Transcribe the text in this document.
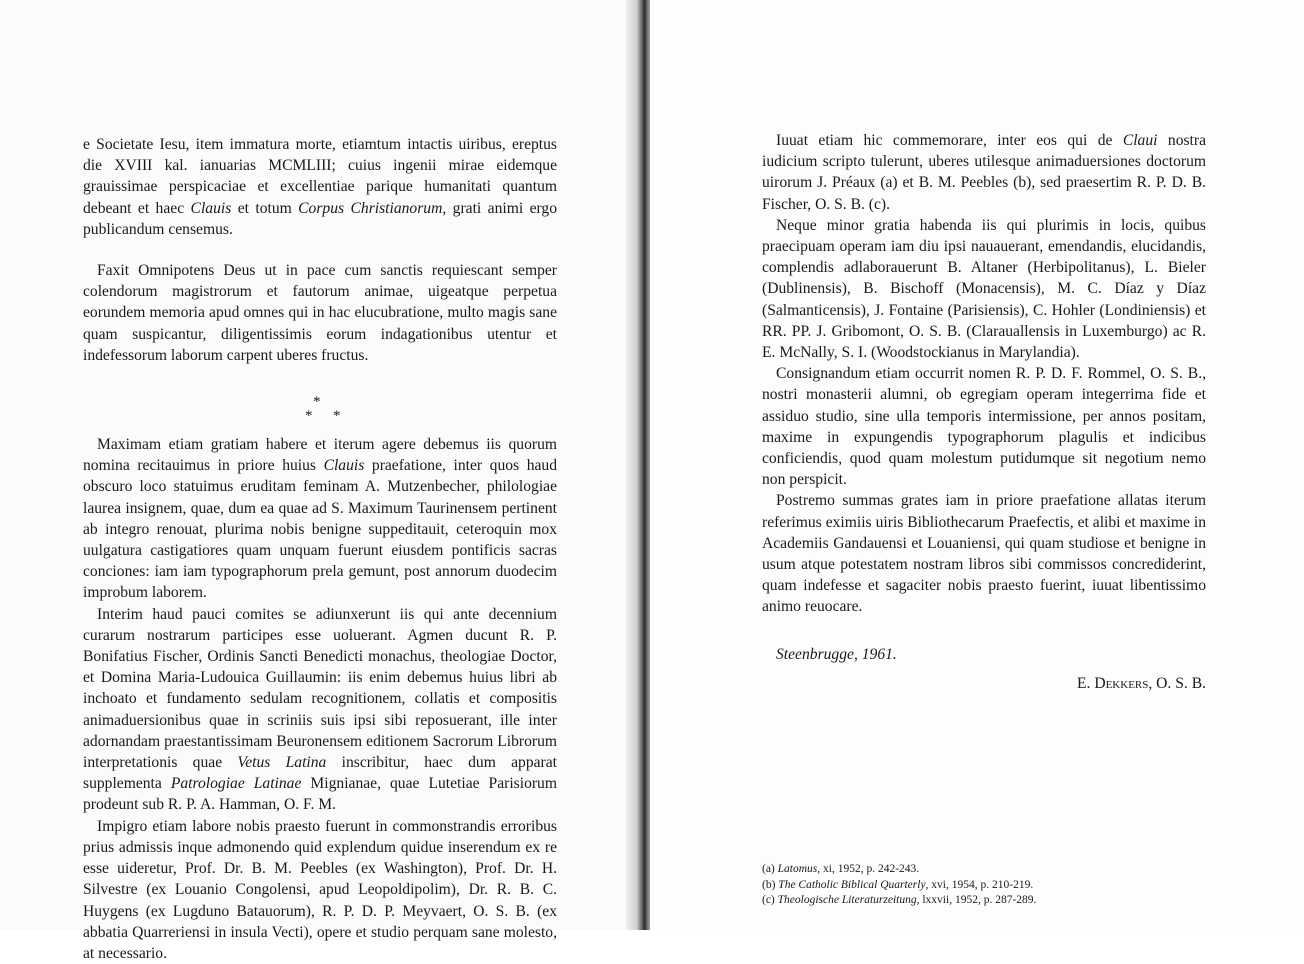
e Societate Iesu, item immatura morte, etiamtum intactis uiribus, ereptus die XVIII kal. ianuarias MCMLIII; cuius ingenii mirae eidemque grauissimae perspicaciae et excellentiae parique humanitati quantum debeant et haec Clauis et totum Corpus Christianorum, grati animi ergo publicandum censemus.

Faxit Omnipotens Deus ut in pace cum sanctis requiescant semper colendorum magistrorum et fautorum animae, uigeatque perpetua eorundem memoria apud omnes qui in hac elucubratione, multo magis sane quam suspicantur, diligentissimis eorum indagationibus utentur et indefessorum laborum carpent uberes fructus.

*
* *

Maximam etiam gratiam habere et iterum agere debemus iis quorum nomina recitauimus in priore huius Clauis praefatione, inter quos haud obscuro loco statuimus eruditam feminam A. Mutzenbecher, philologiae laurea insignem, quae, dum ea quae ad S. Maximum Taurinensem pertinent ab integro renouat, plurima nobis benigne suppeditauit, ceteroquin mox uulgatura castigatiores quam unquam fuerunt eiusdem pontificis sacras conciones: iam iam typographorum prela gemunt, post annorum duodecim improbum laborem.

Interim haud pauci comites se adiunxerunt iis qui ante decennium curarum nostrarum participes esse uoluerant. Agmen ducunt R. P. Bonifatius Fischer, Ordinis Sancti Benedicti monachus, theologiae Doctor, et Domina Maria-Ludouica Guillaumin: iis enim debemus huius libri ab inchoato et fundamento sedulam recognitionem, collatis et compositis animaduersionibus quae in scriniis suis ipsi sibi reposuerant, ille inter adornandam praestantissimam Beuronensem editionem Sacrorum Librorum interpretationis quae Vetus Latina inscribitur, haec dum apparat supplementa Patrologiae Latinae Mignianae, quae Lutetiae Parisiorum prodeunt sub R. P. A. Hamman, O. F. M.

Impigro etiam labore nobis praesto fuerunt in commonstrandis erroribus prius admissis inque admonendo quid explendum quidue inserendum ex re esse uideretur, Prof. Dr. B. M. Peebles (ex Washington), Prof. Dr. H. Silvestre (ex Louanio Congolensi, apud Leopoldipolim), Dr. R. B. C. Huygens (ex Lugduno Batauorum), R. P. D. P. Meyvaert, O. S. B. (ex abbatia Quarreriensi in insula Vecti), opere et studio perquam sane molesto, at necessario.

Iuuat etiam hic commemorare, inter eos qui de Claui nostra iudicium scripto tulerunt, uberes utilesque animaduersiones doctorum uirorum J. Préaux (a) et B. M. Peebles (b), sed praesertim R. P. D. B. Fischer, O. S. B. (c).

Neque minor gratia habenda iis qui plurimis in locis, quibus praecipuam operam iam diu ipsi nauauerant, emendandis, elucidandis, complendis adlaborauerunt B. Altaner (Herbipolitanus), L. Bieler (Dublinensis), B. Bischoff (Monacensis), M. C. Díaz y Díaz (Salmanticensis), J. Fontaine (Parisiensis), C. Hohler (Londiniensis) et RR. PP. J. Gribomont, O. S. B. (Clarauallensis in Luxemburgo) ac R. E. McNally, S. I. (Woodstockianus in Marylandia).

Consignandum etiam occurrit nomen R. P. D. F. Rommel, O. S. B., nostri monasterii alumni, ob egregiam operam integerrima fide et assiduo studio, sine ulla temporis intermissione, per annos positam, maxime in expungendis typographorum plagulis et indicibus conficiendis, quod quam molestum putidumque sit negotium nemo non perspicit.

Postremo summas grates iam in priore praefatione allatas iterum referimus eximiis uiris Bibliothecarum Praefectis, et alibi et maxime in Academiis Gandauensi et Louaniensi, qui quam studiose et benigne in usum atque potestatem nostram libros sibi commissos concrediderint, quam indefesse et sagaciter nobis praesto fuerint, iuuat libentissimo animo reuocare.

Steenbrugge, 1961.

E. Dekkers, O. S. B.

(a) Latomus, xi, 1952, p. 242-243.

(b) The Catholic Biblical Quarterly, xvi, 1954, p. 210-219.

(c) Theologische Literaturzeitung, lxxvii, 1952, p. 287-289.
